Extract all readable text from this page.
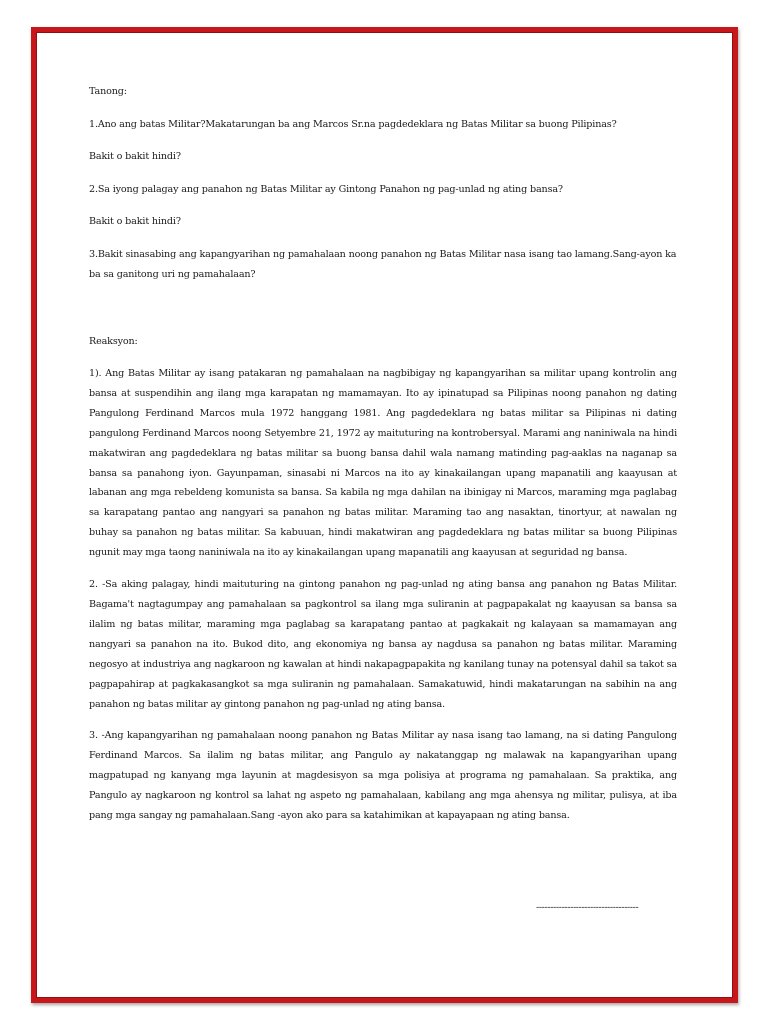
Tanong:

1.Ano ang batas Militar?Makatarungan ba ang Marcos Sr.na pagdedeklara ng Batas Militar sa buong Pilipinas?

Bakit o bakit hindi?

2.Sa iyong palagay ang panahon ng Batas Militar ay Gintong Panahon ng pag-unlad ng ating bansa?

Bakit o bakit hindi?

3.Bakit sinasabing ang kapangyarihan ng pamahalaan noong panahon ng Batas Militar nasa isang tao lamang.Sang-ayon ka ba sa ganitong uri ng pamahalaan?

Reaksyon:

1). Ang Batas Militar ay isang patakaran ng pamahalaan na nagbibigay ng kapangyarihan sa militar upang kontrolin ang bansa at suspendihin ang ilang mga karapatan ng mamamayan. Ito ay ipinatupad sa Pilipinas noong panahon ng dating Pangulong Ferdinand Marcos mula 1972 hanggang 1981. Ang pagdedeklara ng batas militar sa Pilipinas ni dating pangulong Ferdinand Marcos noong Setyembre 21, 1972 ay maituturing na kontrobersyal. Marami ang naniniwala na hindi makatwiran ang pagdedeklara ng batas militar sa buong bansa dahil wala namang matinding pag-aaklas na naganap sa bansa sa panahong iyon. Gayunpaman, sinasabi ni Marcos na ito ay kinakailangan upang mapanatili ang kaayusan at labanan ang mga rebeldeng komunista sa bansa. Sa kabila ng mga dahilan na ibinigay ni Marcos, maraming mga paglabag sa karapatang pantao ang nangyari sa panahon ng batas militar. Maraming tao ang nasaktan, tinortyur, at nawalan ng buhay sa panahon ng batas militar. Sa kabuuan, hindi makatwiran ang pagdedeklara ng batas militar sa buong Pilipinas ngunit may mga taong naniniwala na ito ay kinakailangan upang mapanatili ang kaayusan at seguridad ng bansa.

2. -Sa aking palagay, hindi maituturing na gintong panahon ng pag-unlad ng ating bansa ang panahon ng Batas Militar. Bagama't nagtagumpay ang pamahalaan sa pagkontrol sa ilang mga suliranin at pagpapakalat ng kaayusan sa bansa sa ilalim ng batas militar, maraming mga paglabag sa karapatang pantao at pagkakait ng kalayaan sa mamamayan ang nangyari sa panahon na ito. Bukod dito, ang ekonomiya ng bansa ay nagdusa sa panahon ng batas militar. Maraming negosyo at industriya ang nagkaroon ng kawalan at hindi nakapagpapakita ng kanilang tunay na potensyal dahil sa takot sa pagpapahirap at pagkakasangkot sa mga suliranin ng pamahalaan. Samakatuwid, hindi makatarungan na sabihin na ang panahon ng batas militar ay gintong panahon ng pag-unlad ng ating bansa.

3. -Ang kapangyarihan ng pamahalaan noong panahon ng Batas Militar ay nasa isang tao lamang, na si dating Pangulong Ferdinand Marcos. Sa ilalim ng batas militar, ang Pangulo ay nakatanggap ng malawak na kapangyarihan upang magpatupad ng kanyang mga layunin at magdesisyon sa mga polisiya at programa ng pamahalaan. Sa praktika, ang Pangulo ay nagkaroon ng kontrol sa lahat ng aspeto ng pamahalaan, kabilang ang mga ahensya ng militar, pulisya, at iba pang mga sangay ng pamahalaan.Sang -ayon ako para sa katahimikan at kapayapaan ng ating bansa.

------------------------------------
